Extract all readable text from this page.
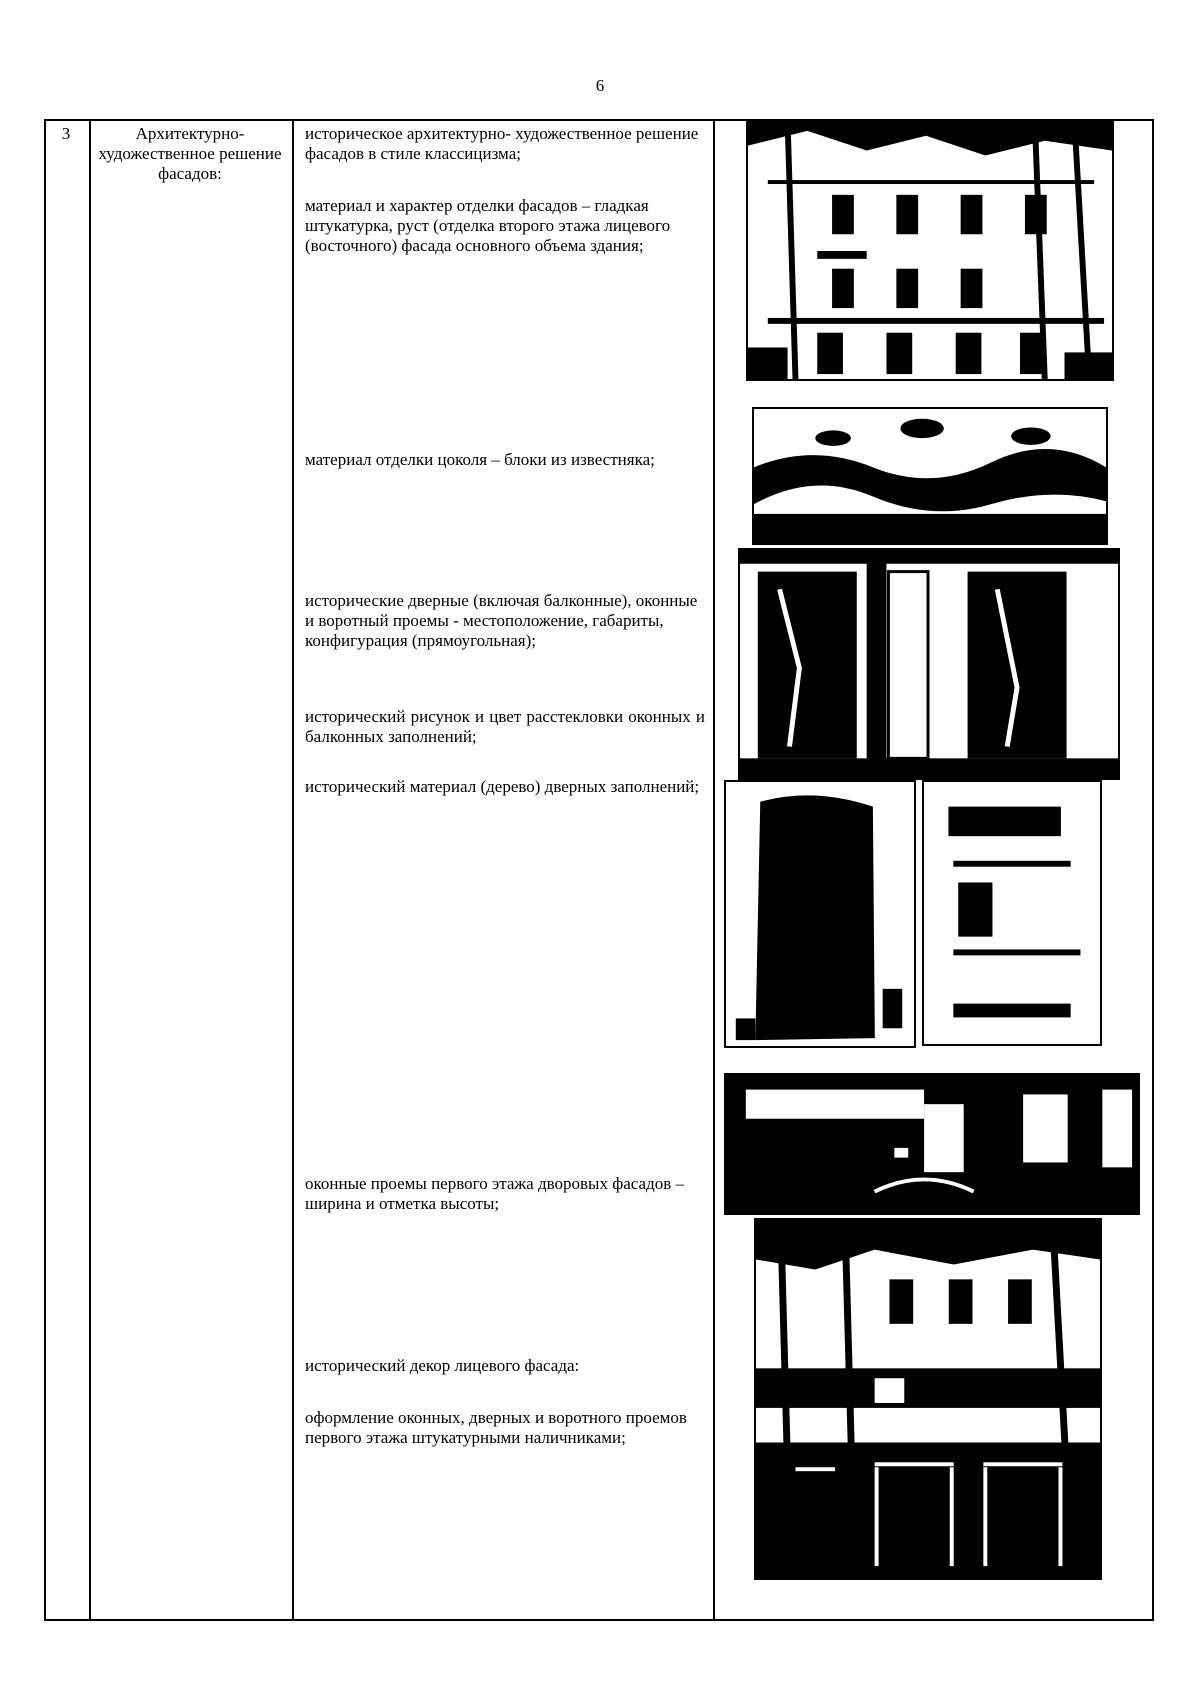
6
3	Архитектурно-художественное решение фасадов:

историческое архитектурно- художественное решение фасадов в стиле классицизма;

материал и характер отделки фасадов – гладкая штукатурка, руст (отделка второго этажа лицевого (восточного) фасада основного объема здания;

материал отделки цоколя – блоки из известняка;

исторические дверные (включая балконные), оконные и воротный проемы - местоположение, габариты, конфигурация (прямоугольная);

исторический рисунок и цвет расстекловки оконных и балконных заполнений;

исторический материал (дерево) дверных заполнений;

оконные проемы первого этажа дворовых фасадов – ширина и отметка высоты;

исторический декор лицевого фасада:

оформление оконных, дверных и воротного проемов первого этажа штукатурными наличниками;
